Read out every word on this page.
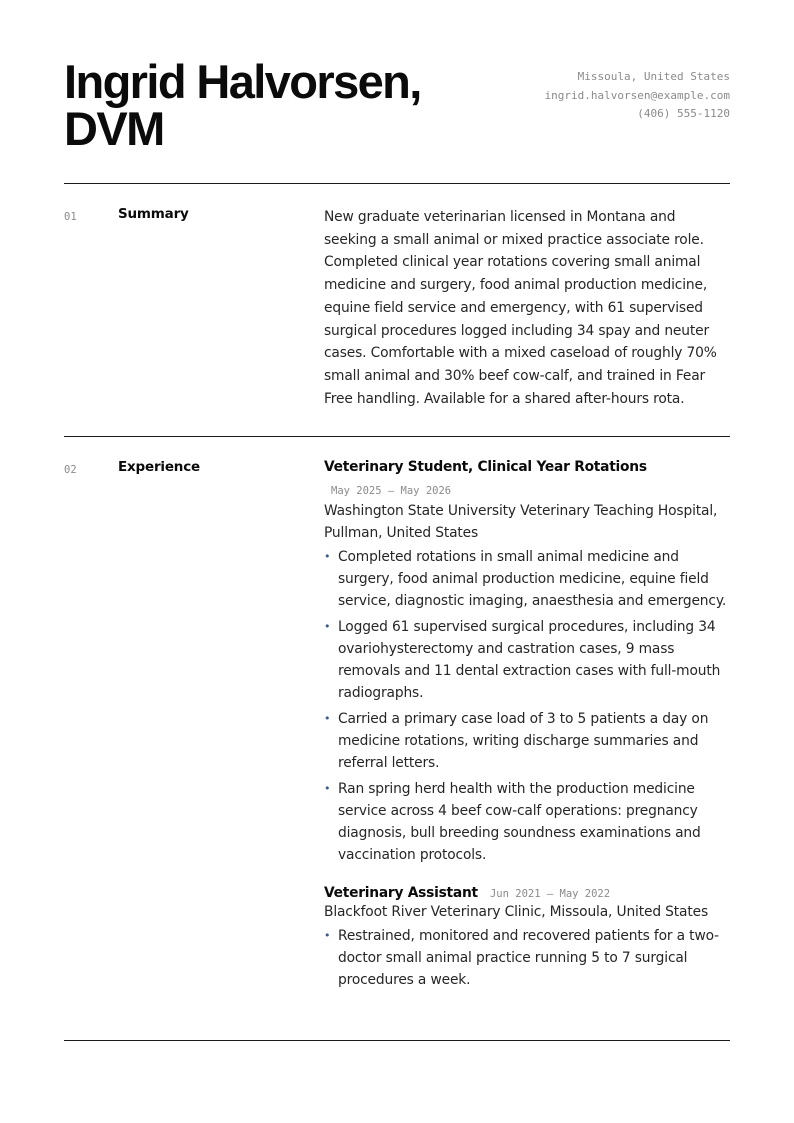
Ingrid Halvorsen, DVM
Missoula, United States
ingrid.halvorsen@example.com
(406) 555-1120
01	Summary	New graduate veterinarian licensed in Montana and seeking a small animal or mixed practice associate role. Completed clinical year rotations covering small animal medicine and surgery, food animal production medicine, equine field service and emergency, with 61 supervised surgical procedures logged including 34 spay and neuter cases. Comfortable with a mixed caseload of roughly 70% small animal and 30% beef cow-calf, and trained in Fear Free handling. Available for a shared after-hours rota.

02	Experience	Veterinary Student, Clinical Year Rotations
May 2025 — May 2026
Washington State University Veterinary Teaching Hospital, Pullman, United States
• Completed rotations in small animal medicine and surgery, food animal production medicine, equine field service, diagnostic imaging, anaesthesia and emergency.
• Logged 61 supervised surgical procedures, including 34 ovariohysterectomy and castration cases, 9 mass removals and 11 dental extraction cases with full-mouth radiographs.
• Carried a primary case load of 3 to 5 patients a day on medicine rotations, writing discharge summaries and referral letters.
• Ran spring herd health with the production medicine service across 4 beef cow-calf operations: pregnancy diagnosis, bull breeding soundness examinations and vaccination protocols.
Veterinary Assistant Jun 2021 — May 2022
Blackfoot River Veterinary Clinic, Missoula, United States
• Restrained, monitored and recovered patients for a two-doctor small animal practice running 5 to 7 surgical procedures a week.
